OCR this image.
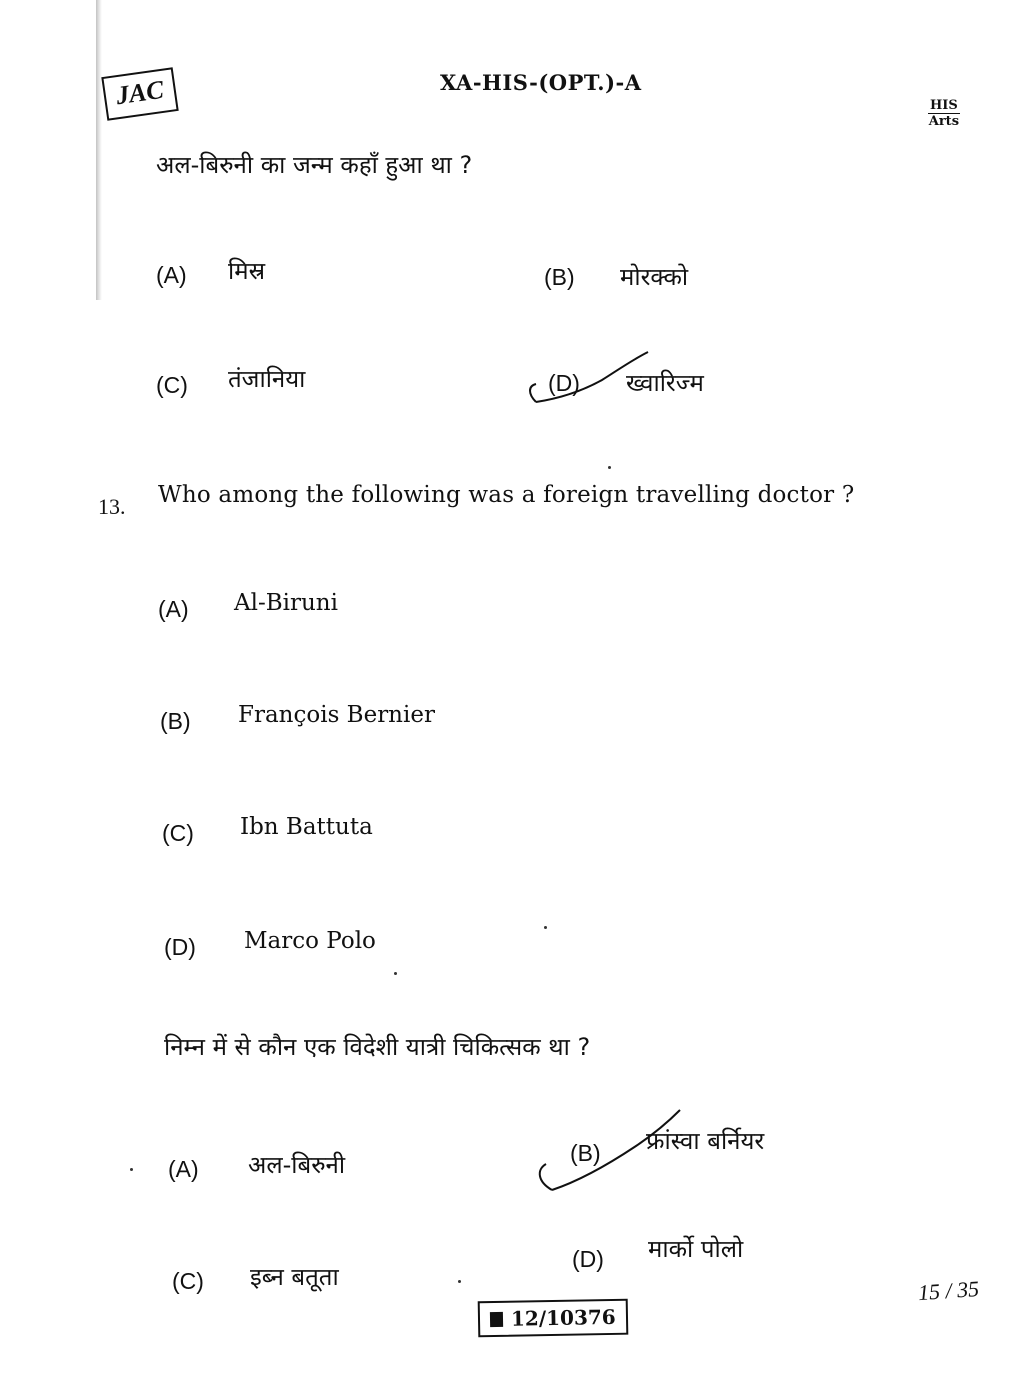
JAC	XA-HIS-(OPT.)-A
HIS
Arts
अल-बिरुनी का जन्म कहाँ हुआ था ?
(A) मिस्र	(B) मोरक्को
(C) तंजानिया	(D) ख्वारिज्म
13. Who among the following was a foreign travelling doctor ?
(A) Al-Biruni
(B) François Bernier
(C) Ibn Battuta
(D) Marco Polo
निम्न में से कौन एक विदेशी यात्री चिकित्सक था ?
(A) अल-बिरुनी	(B) फ्रांस्वा बर्नियर
(C) इब्न बतूता
(D) मार्को पोलो
12/10376
15 / 35
